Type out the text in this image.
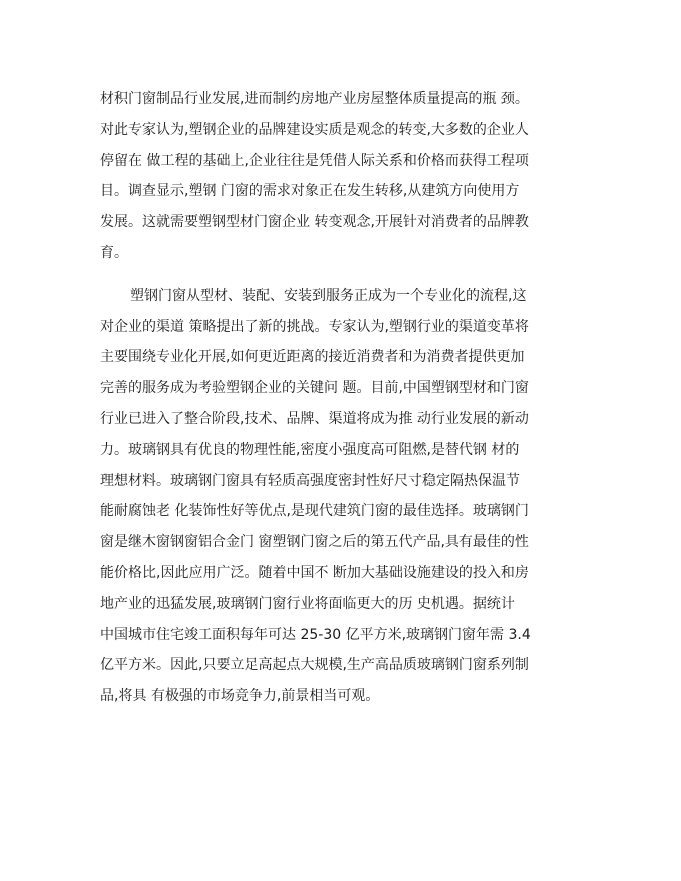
材积门窗制品行业发展,进而制约房地产业房屋整体质量提高的瓶 颈。
对此专家认为,塑钢企业的品牌建设实质是观念的转变,大多数的企业人
停留在 做工程的基础上,企业往往是凭借人际关系和价格而获得工程项
目。调查显示,塑钢 门窗的需求对象正在发生转移,从建筑方向使用方
发展。这就需要塑钢型材门窗企业 转变观念,开展针对消费者的品牌教
育。
塑钢门窗从型材、装配、安装到服务正成为一个专业化的流程,这
对企业的渠道 策略提出了新的挑战。专家认为,塑钢行业的渠道变革将
主要围绕专业化开展,如何更近距离的接近消费者和为消费者提供更加
完善的服务成为考验塑钢企业的关键问 题。目前,中国塑钢型材和门窗
行业已进入了整合阶段,技术、品牌、渠道将成为推 动行业发展的新动
力。玻璃钢具有优良的物理性能,密度小强度高可阻燃,是替代钢 材的
理想材料。玻璃钢门窗具有轻质高强度密封性好尺寸稳定隔热保温节
能耐腐蚀老 化装饰性好等优点,是现代建筑门窗的最佳选择。玻璃钢门
窗是继木窗钢窗铝合金门 窗塑钢门窗之后的第五代产品,具有最佳的性
能价格比,因此应用广泛。随着中国不 断加大基础设施建设的投入和房
地产业的迅猛发展,玻璃钢门窗行业将面临更大的历 史机遇。据统计
中国城市住宅竣工面积每年可达 25-30 亿平方米,玻璃钢门窗年需 3.4
亿平方米。因此,只要立足高起点大规模,生产高品质玻璃钢门窗系列制
品,将具 有极强的市场竞争力,前景相当可观。
